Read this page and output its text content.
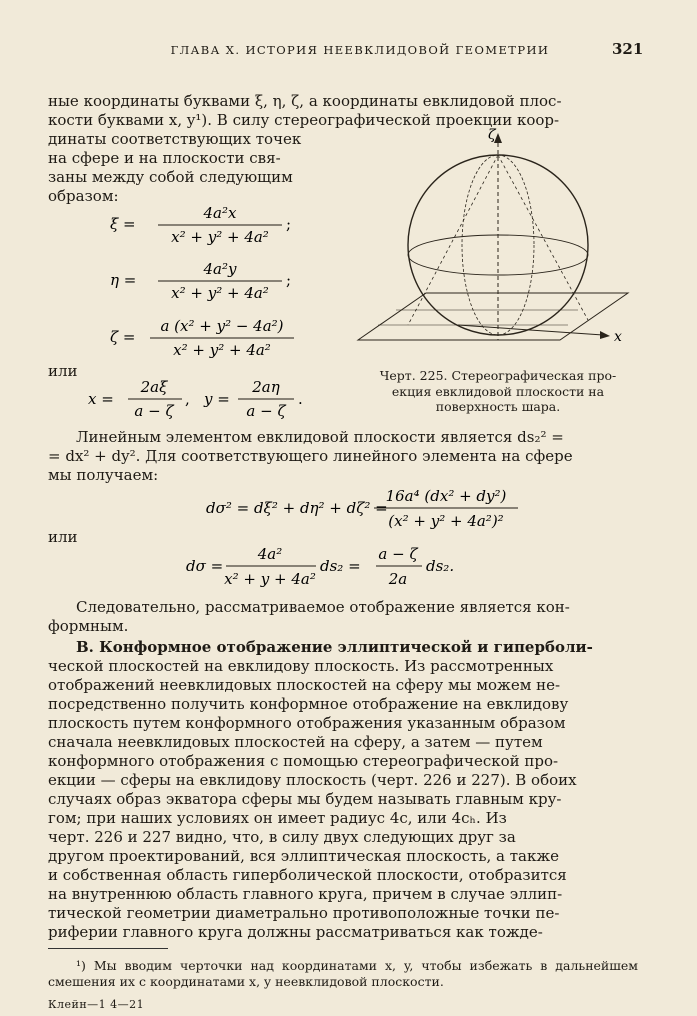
ГЛАВА X. ИСТОРИЯ НЕЕВКЛИДОВОЙ ГЕОМЕТРИИ	321
ные координаты буквами ξ, η, ζ, а координаты евклидовой плос-
кости буквами x, y¹). В силу стереографической проекции коор-
динаты соответствующих точек
на сфере и на плоскости свя-
заны между собой следующим
образом:
ξ =
4a²x
x² + y² + 4a²
;
η =
4a²y
x² + y² + 4a²
;
ζ =
a (x² + y² − 4a²)
x² + y² + 4a²
или
x =
2aξ
a − ζ
, y =
2aη
a − ζ
.
ζ
x
Черт. 225. Стереографическая про-
екция евклидовой плоскости на
поверхность шара.
Линейным элементом евклидовой плоскости является ds₂² =
= dx² + dy². Для соответствующего линейного элемента на сфере
мы получаем:
dσ² = dξ² + dη² + dζ² =
16a⁴ (dx² + dy²)
(x² + y² + 4a²)²
или
dσ =
4a²
x² + y + 4a²
ds₂ =
a − ζ
2a
ds₂.
Следовательно, рассматриваемое отображение является кон-
формным.
В. Конформное отображение эллиптической и гиперболи-
ческой плоскостей на евклидову плоскость. Из рассмотренных
отображений неевклидовых плоскостей на сферу мы можем не-
посредственно получить конформное отображение на евклидову
плоскость путем конформного отображения указанным образом
сначала неевклидовых плоскостей на сферу, а затем — путем
конформного отображения с помощью стереографической про-
екции — сферы на евклидову плоскость (черт. 226 и 227). В обоих
случаях образ экватора сферы мы будем называть главным кру-
гом; при наших условиях он имеет радиус 4c, или 4cₕ. Из
черт. 226 и 227 видно, что, в силу двух следующих друг за
другом проектирований, вся эллиптическая плоскость, а также
и собственная область гиперболической плоскости, отобразится
на внутреннюю область главного круга, причем в случае эллип-
тической геометрии диаметрально противоположные точки пе-
риферии главного круга должны рассматриваться как тожде-

¹) Мы вводим черточки над координатами x, y, чтобы избежать в дальнейшем смешения их с координатами x, y неевклидовой плоскости.

Клейн—1 4—21
